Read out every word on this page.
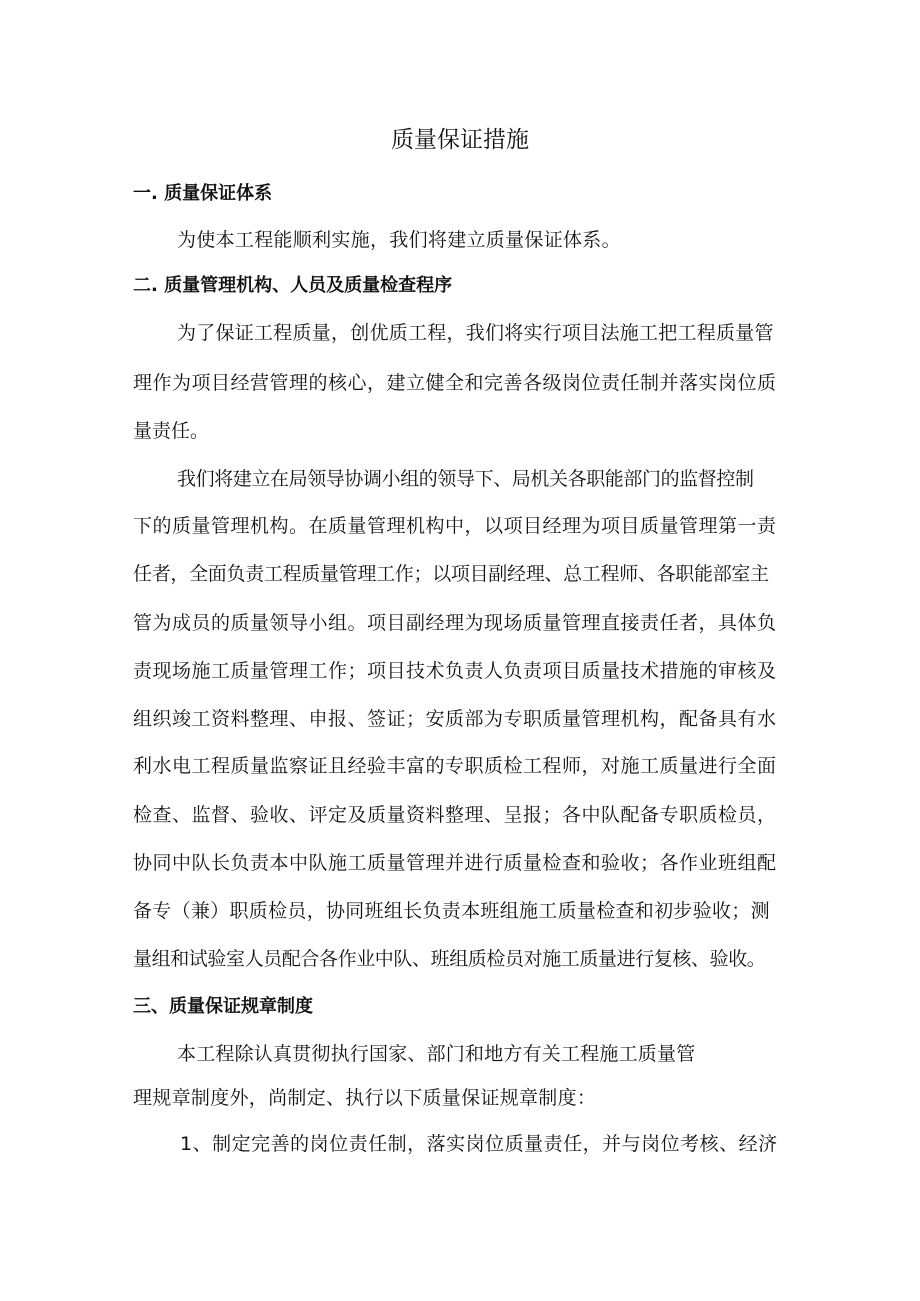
质量保证措施
一. 质量保证体系
为使本工程能顺利实施，我们将建立质量保证体系。
二. 质量管理机构、人员及质量检查程序
为了保证工程质量，创优质工程，我们将实行项目法施工把工程质量管
理作为项目经营管理的核心，建立健全和完善各级岗位责任制并落实岗位质
量责任。
我们将建立在局领导协调小组的领导下、局机关各职能部门的监督控制
下的质量管理机构。在质量管理机构中，以项目经理为项目质量管理第一责
任者，全面负责工程质量管理工作；以项目副经理、总工程师、各职能部室主
管为成员的质量领导小组。项目副经理为现场质量管理直接责任者，具体负
责现场施工质量管理工作；项目技术负责人负责项目质量技术措施的审核及
组织竣工资料整理、申报、签证；安质部为专职质量管理机构，配备具有水
利水电工程质量监察证且经验丰富的专职质检工程师，对施工质量进行全面
检查、监督、验收、评定及质量资料整理、呈报；各中队配备专职质检员，
协同中队长负责本中队施工质量管理并进行质量检查和验收；各作业班组配
备专（兼）职质检员，协同班组长负责本班组施工质量检查和初步验收；测
量组和试验室人员配合各作业中队、班组质检员对施工质量进行复核、验收。
三、质量保证规章制度
本工程除认真贯彻执行国家、部门和地方有关工程施工质量管
理规章制度外，尚制定、执行以下质量保证规章制度：
1、制定完善的岗位责任制，落实岗位质量责任，并与岗位考核、经济
